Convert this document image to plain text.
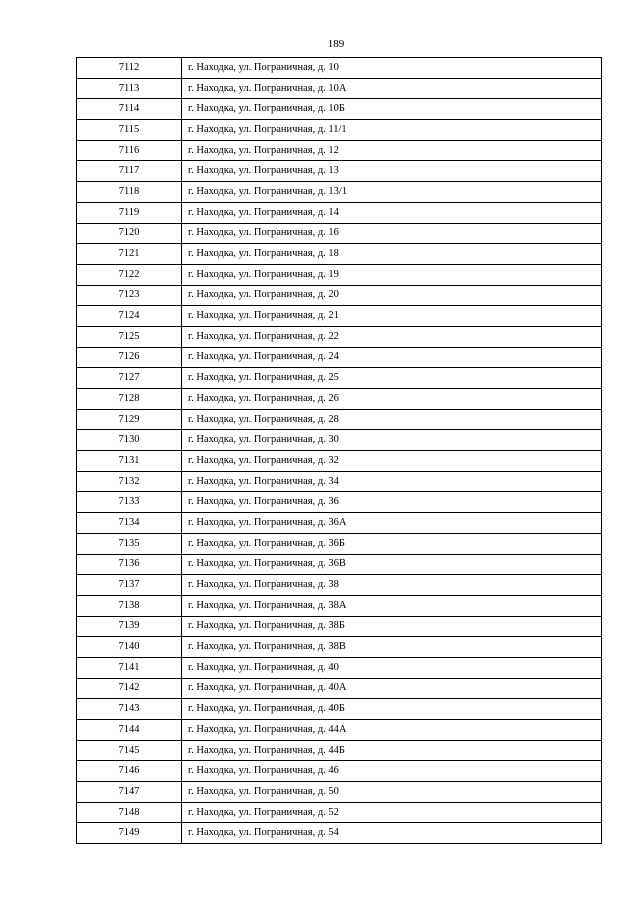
189
7112	г. Находка, ул. Пограничная, д. 10
7113	г. Находка, ул. Пограничная, д. 10А
7114	г. Находка, ул. Пограничная, д. 10Б
7115	г. Находка, ул. Пограничная, д. 11/1
7116	г. Находка, ул. Пограничная, д. 12
7117	г. Находка, ул. Пограничная, д. 13
7118	г. Находка, ул. Пограничная, д. 13/1
7119	г. Находка, ул. Пограничная, д. 14
7120	г. Находка, ул. Пограничная, д. 16
7121	г. Находка, ул. Пограничная, д. 18
7122	г. Находка, ул. Пограничная, д. 19
7123	г. Находка, ул. Пограничная, д. 20
7124	г. Находка, ул. Пограничная, д. 21
7125	г. Находка, ул. Пограничная, д. 22
7126	г. Находка, ул. Пограничная, д. 24
7127	г. Находка, ул. Пограничная, д. 25
7128	г. Находка, ул. Пограничная, д. 26
7129	г. Находка, ул. Пограничная, д. 28
7130	г. Находка, ул. Пограничная, д. 30
7131	г. Находка, ул. Пограничная, д. 32
7132	г. Находка, ул. Пограничная, д. 34
7133	г. Находка, ул. Пограничная, д. 36
7134	г. Находка, ул. Пограничная, д. 36А
7135	г. Находка, ул. Пограничная, д. 36Б
7136	г. Находка, ул. Пограничная, д. 36В
7137	г. Находка, ул. Пограничная, д. 38
7138	г. Находка, ул. Пограничная, д. 38А
7139	г. Находка, ул. Пограничная, д. 38Б
7140	г. Находка, ул. Пограничная, д. 38В
7141	г. Находка, ул. Пограничная, д. 40
7142	г. Находка, ул. Пограничная, д. 40А
7143	г. Находка, ул. Пограничная, д. 40Б
7144	г. Находка, ул. Пограничная, д. 44А
7145	г. Находка, ул. Пограничная, д. 44Б
7146	г. Находка, ул. Пограничная, д. 46
7147	г. Находка, ул. Пограничная, д. 50
7148	г. Находка, ул. Пограничная, д. 52
7149	г. Находка, ул. Пограничная, д. 54
